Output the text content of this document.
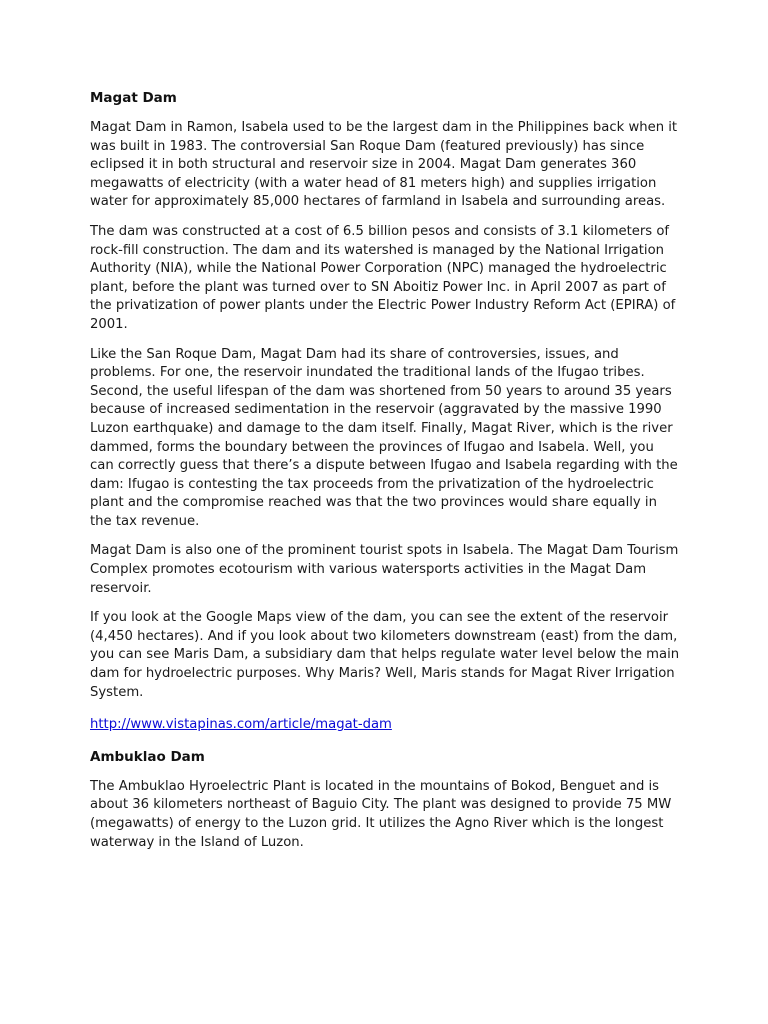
Magat Dam

Magat Dam in Ramon, Isabela used to be the largest dam in the Philippines back when it was built in 1983. The controversial San Roque Dam (featured previously) has since eclipsed it in both structural and reservoir size in 2004. Magat Dam generates 360 megawatts of electricity (with a water head of 81 meters high) and supplies irrigation water for approximately 85,000 hectares of farmland in Isabela and surrounding areas.

The dam was constructed at a cost of 6.5 billion pesos and consists of 3.1 kilometers of rock-fill construction. The dam and its watershed is managed by the National Irrigation Authority (NIA), while the National Power Corporation (NPC) managed the hydroelectric plant, before the plant was turned over to SN Aboitiz Power Inc. in April 2007 as part of the privatization of power plants under the Electric Power Industry Reform Act (EPIRA) of 2001.

Like the San Roque Dam, Magat Dam had its share of controversies, issues, and problems. For one, the reservoir inundated the traditional lands of the Ifugao tribes. Second, the useful lifespan of the dam was shortened from 50 years to around 35 years because of increased sedimentation in the reservoir (aggravated by the massive 1990 Luzon earthquake) and damage to the dam itself. Finally, Magat River, which is the river dammed, forms the boundary between the provinces of Ifugao and Isabela. Well, you can correctly guess that there’s a dispute between Ifugao and Isabela regarding with the dam: Ifugao is contesting the tax proceeds from the privatization of the hydroelectric plant and the compromise reached was that the two provinces would share equally in the tax revenue.

Magat Dam is also one of the prominent tourist spots in Isabela. The Magat Dam Tourism Complex promotes ecotourism with various watersports activities in the Magat Dam reservoir.

If you look at the Google Maps view of the dam, you can see the extent of the reservoir (4,450 hectares). And if you look about two kilometers downstream (east) from the dam, you can see Maris Dam, a subsidiary dam that helps regulate water level below the main dam for hydroelectric purposes. Why Maris? Well, Maris stands for Magat River Irrigation System.

http://www.vistapinas.com/article/magat-dam
Ambuklao Dam

The Ambuklao Hyroelectric Plant is located in the mountains of Bokod, Benguet and is about 36 kilometers northeast of Baguio City. The plant was designed to provide 75 MW (megawatts) of energy to the Luzon grid. It utilizes the Agno River which is the longest waterway in the Island of Luzon.
